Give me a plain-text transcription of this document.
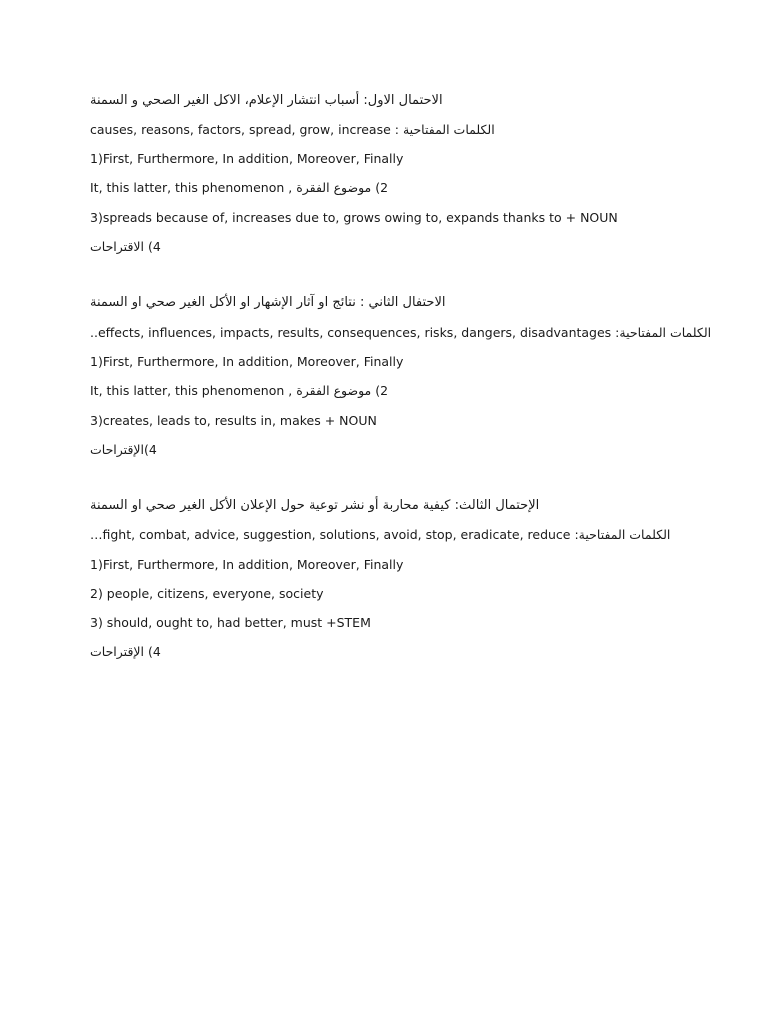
الاحتمال الاول: أسباب انتشار الإعلام، الاكل الغير الصحي و السمنة
الكلمات المفتاحية : causes, reasons, factors, spread, grow, increase
1)First, Furthermore, In addition, Moreover, Finally
2) موضوع الفقرة , It, this latter, this phenomenon
3)spreads because of, increases due to, grows owing to, expands thanks to + NOUN
4) الاقتراحات
الاحتفال الثاني : نتائج او آثار الإشهار او الأكل الغير صحي او السمنة
الكلمات المفتاحية: effects, influences, impacts, results, consequences, risks, dangers, disadvantages..
1)First, Furthermore, In addition, Moreover, Finally
2) موضوع الفقرة , It, this latter, this phenomenon
3)creates, leads to, results in, makes + NOUN
4)الإقتراحات
الإحتمال الثالث: كيفية محاربة أو نشر توعية حول الإعلان الأكل الغير صحي او السمنة
الكلمات المفتاحية: fight, combat, advice, suggestion, solutions, avoid, stop, eradicate, reduce…
1)First, Furthermore, In addition, Moreover, Finally
2) people, citizens, everyone, society
3) should, ought to, had better, must +STEM
4) الإقتراحات
